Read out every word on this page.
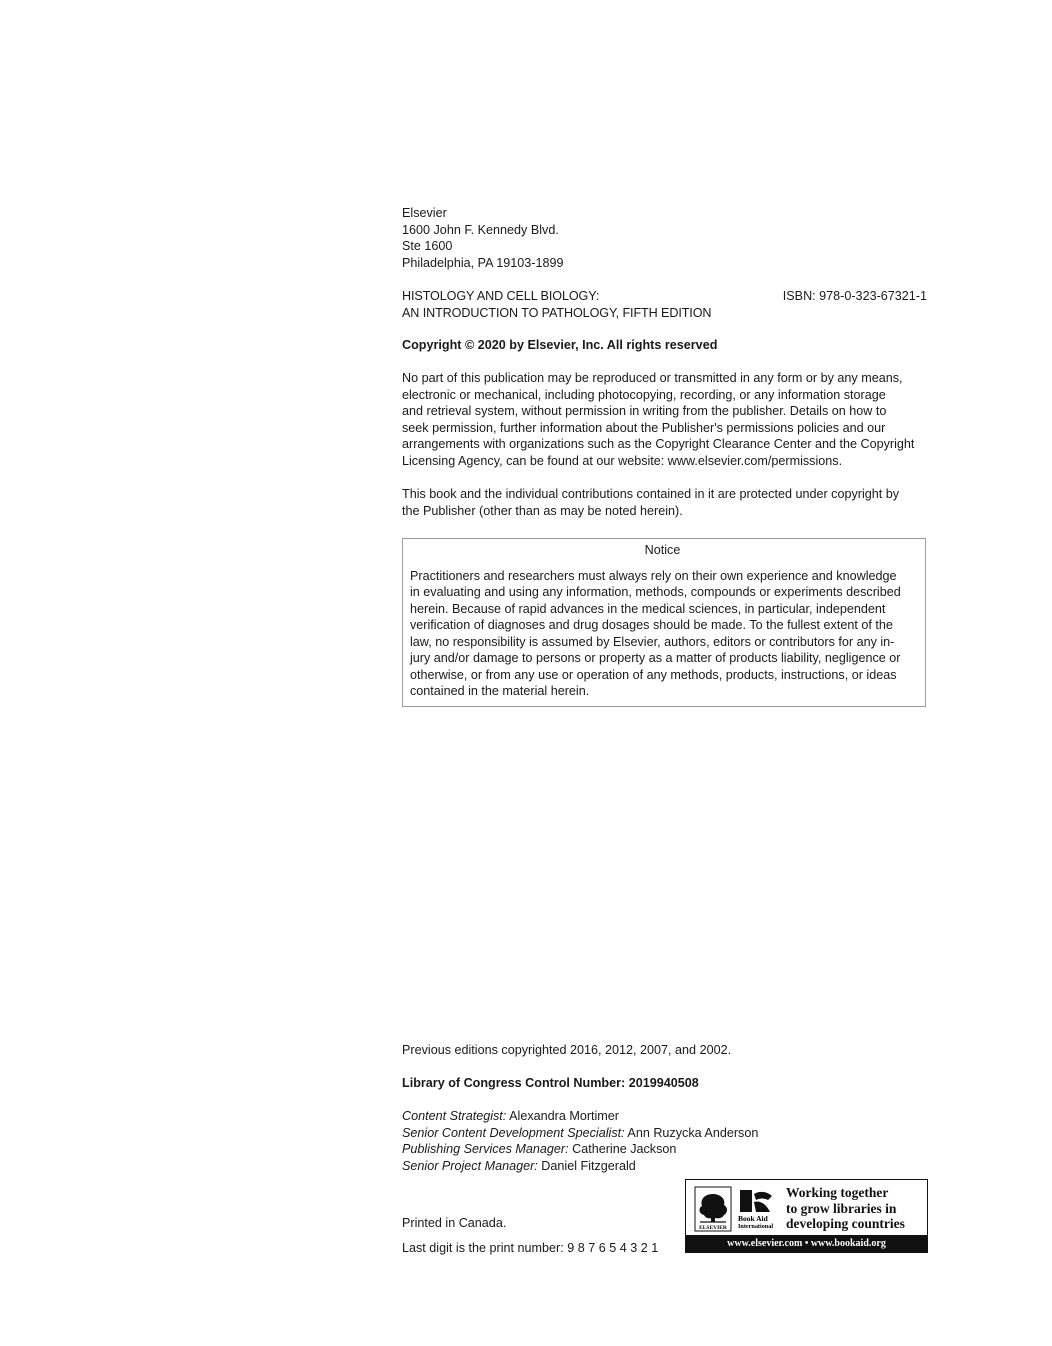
Elsevier

1600 John F. Kennedy Blvd.

Ste 1600

Philadelphia, PA 19103-1899

HISTOLOGY AND CELL BIOLOGY:

AN INTRODUCTION TO PATHOLOGY, FIFTH EDITION

ISBN: 978-0-323-67321-1

Copyright © 2020 by Elsevier, Inc. All rights reserved

No part of this publication may be reproduced or transmitted in any form or by any means,

electronic or mechanical, including photocopying, recording, or any information storage

and retrieval system, without permission in writing from the publisher. Details on how to

seek permission, further information about the Publisher's permissions policies and our

arrangements with organizations such as the Copyright Clearance Center and the Copyright

Licensing Agency, can be found at our website: www.elsevier.com/permissions.

This book and the individual contributions contained in it are protected under copyright by

the Publisher (other than as may be noted herein).

Notice

Practitioners and researchers must always rely on their own experience and knowledge

in evaluating and using any information, methods, compounds or experiments described

herein. Because of rapid advances in the medical sciences, in particular, independent

verification of diagnoses and drug dosages should be made. To the fullest extent of the

law, no responsibility is assumed by Elsevier, authors, editors or contributors for any in-

jury and/or damage to persons or property as a matter of products liability, negligence or

otherwise, or from any use or operation of any methods, products, instructions, or ideas

contained in the material herein.

Previous editions copyrighted 2016, 2012, 2007, and 2002.

Library of Congress Control Number: 2019940508

Content Strategist: Alexandra Mortimer

Senior Content Development Specialist: Ann Ruzycka Anderson

Publishing Services Manager: Catherine Jackson

Senior Project Manager: Daniel Fitzgerald

Printed in Canada.

Last digit is the print number: 9 8 7 6 5 4 3 2 1

ELSEVIER
Book Aid
International
Working together
to grow libraries in
developing countries
www.elsevier.com • www.bookaid.org
